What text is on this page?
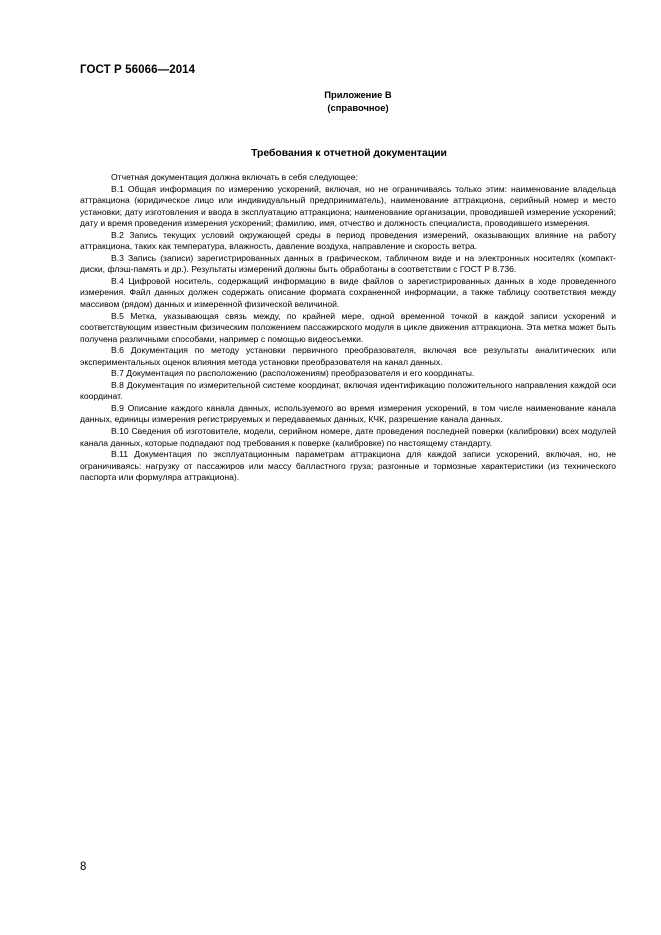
ГОСТ Р 56066—2014
Приложение В
(справочное)
Требования к отчетной документации

Отчетная документация должна включать в себя следующее:

В.1 Общая информация по измерению ускорений, включая, но не ограничиваясь только этим: наименование владельца аттракциона (юридическое лицо или индивидуальный предприниматель), наименование аттракциона, серийный номер и место установки; дату изготовления и ввода в эксплуатацию аттракциона; наименование организации, проводившей измерение ускорений; дату и время проведения измерения ускорений; фамилию, имя, отчество и должность специалиста, проводившего измерения.

В.2 Запись текущих условий окружающей среды в период проведения измерений, оказывающих влияние на работу аттракциона, таких как температура, влажность, давление воздуха, направление и скорость ветра.

В.3 Запись (записи) зарегистрированных данных в графическом, табличном виде и на электронных носителях (компакт-диски, флэш-память и др.). Результаты измерений должны быть обработаны в соответствии с ГОСТ Р 8.736.

В.4 Цифровой носитель, содержащий информацию в виде файлов о зарегистрированных данных в ходе проведенного измерения. Файл данных должен содержать описание формата сохраненной информации, а также таблицу соответствия между массивом (рядом) данных и измеренной физической величиной.

В.5 Метка, указывающая связь между, по крайней мере, одной временной точкой в каждой записи ускорений и соответствующим известным физическим положением пассажирского модуля в цикле движения аттракциона. Эта метка может быть получена различными способами, например с помощью видеосъемки.

В.6 Документация по методу установки первичного преобразователя, включая все результаты аналитических или экспериментальных оценок влияния метода установки преобразователя на канал данных.

В.7 Документация по расположению (расположениям) преобразователя и его координаты.

В.8 Документация по измерительной системе координат, включая идентификацию положительного направления каждой оси координат.

В.9 Описание каждого канала данных, используемого во время измерения ускорений, в том числе наименование канала данных, единицы измерения регистрируемых и передаваемых данных, КЧК, разрешение канала данных.

В.10 Сведения об изготовителе, модели, серийном номере, дате проведения последней поверки (калибровки) всех модулей канала данных, которые подпадают под требования к поверке (калибровке) по настоящему стандарту.

В.11 Документация по эксплуатационным параметрам аттракциона для каждой записи ускорений, включая, но, не ограничиваясь: нагрузку от пассажиров или массу балластного груза; разгонные и тормозные характеристики (из технического паспорта или формуляра аттракциона).

8
